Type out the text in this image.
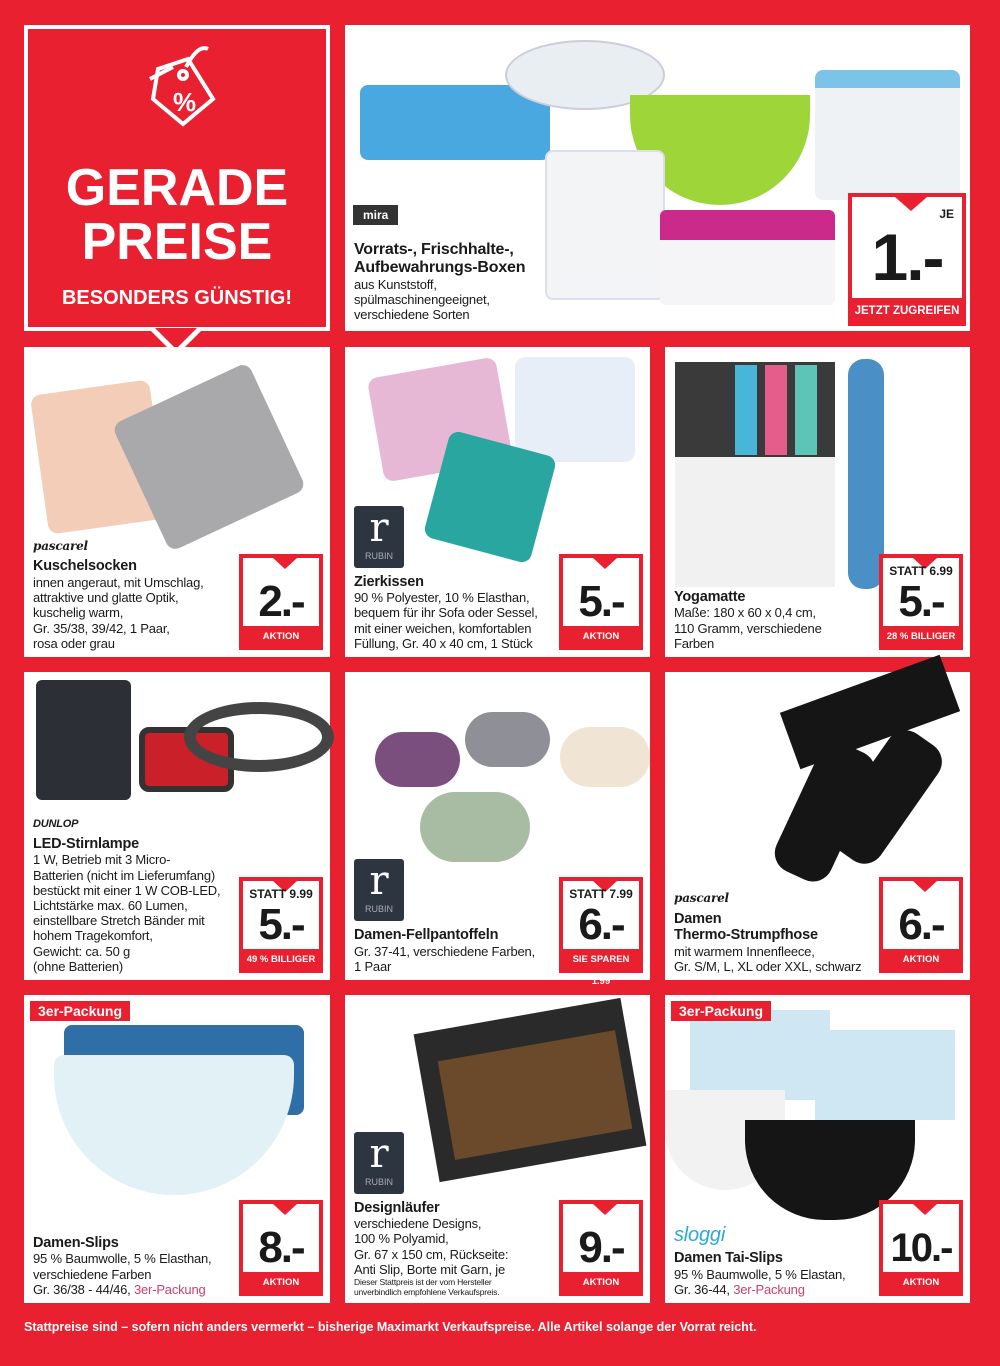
%
GERADE
PREISE
BESONDERS GÜNSTIG!
mira
Vorrats-, Frischhalte-, Aufbewahrungs-Boxen
aus Kunststoff,
spülmaschinengeeignet,
verschiedene Sorten
JE
1.-
JETZT ZUGREIFEN
pascarel
Kuschelsocken
innen angeraut, mit Umschlag,
attraktive und glatte Optik,
kuschelig warm,
Gr. 35/38, 39/42, 1 Paar,
rosa oder grau
2.-
AKTION
r
RUBIN
Zierkissen
90 % Polyester, 10 % Elasthan,
bequem für ihr Sofa oder Sessel,
mit einer weichen, komfortablen
Füllung, Gr. 40 x 40 cm, 1 Stück
5.-
AKTION
Yogamatte
Maße: 180 x 60 x 0,4 cm,
110 Gramm, verschiedene
Farben
STATT 6.99
5.-
28 % BILLIGER
DUNLOP
LED-Stirnlampe
1 W, Betrieb mit 3 Micro-
Batterien (nicht im Lieferumfang)
bestückt mit einer 1 W COB-LED,
Lichtstärke max. 60 Lumen,
einstellbare Stretch Bänder mit
hohem Tragekomfort,
Gewicht: ca. 50 g
(ohne Batterien)
STATT 9.99
5.-
49 % BILLIGER
r
RUBIN
Damen-Fellpantoffeln
Gr. 37-41, verschiedene Farben,
1 Paar
STATT 7.99
6.-
SIE SPAREN 1.99
pascarel
Damen
Thermo-Strumpfhose
mit warmem Innenfleece,
Gr. S/M, L, XL oder XXL, schwarz
6.-
AKTION
3er-Packung
Damen-Slips
95 % Baumwolle, 5 % Elasthan,
verschiedene Farben
Gr. 36/38 - 44/46, 3er-Packung
8.-
AKTION
r
RUBIN
Designläufer
verschiedene Designs,
100 % Polyamid,
Gr. 67 x 150 cm, Rückseite:
Anti Slip, Borte mit Garn, je
Dieser Stattpreis ist der vom Hersteller
unverbindlich empfohlene Verkaufspreis.
9.-
AKTION
3er-Packung
sloggi
Damen Tai-Slips
95 % Baumwolle, 5 % Elastan,
Gr. 36-44, 3er-Packung
10.-
AKTION
Stattpreise sind – sofern nicht anders vermerkt – bisherige Maximarkt Verkaufspreise. Alle Artikel solange der Vorrat reicht.
